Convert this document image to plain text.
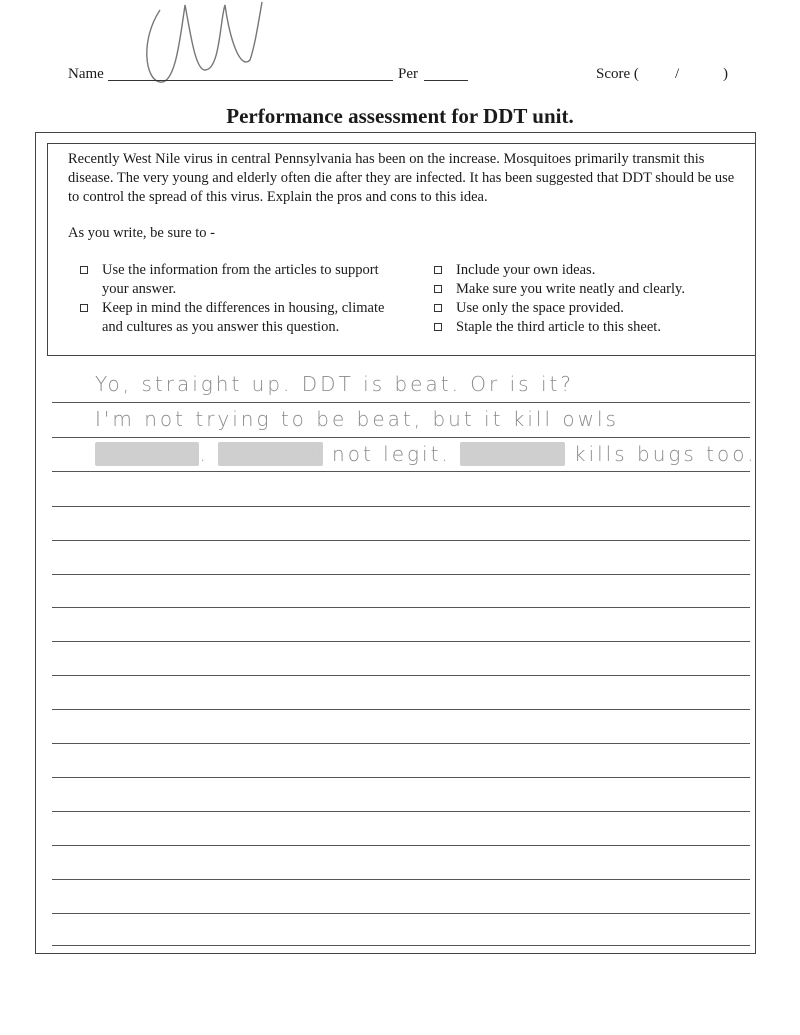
Name	Per	Score ( /	)
Performance assessment for DDT unit.
Recently West Nile virus in central Pennsylvania has been on the increase. Mosquitoes primarily transmit this disease. The very young and elderly often die after they are infected. It has been suggested that DDT should be use to control the spread of this virus. Explain the pros and cons to this idea.
As you write, be sure to -
Use the information from the articles to support your answer.
Keep in mind the differences in housing, climate and cultures as you answer this question.
Include your own ideas.
Make sure you write neatly and clearly.
Use only the space provided.
Staple the third article to this sheet.
Yo, straight up. DDT is beat. Or is it?
I'm not trying to be beat, but it kill owls
[redacted]. [redacted] not legit. [redacted] kills bugs too.
